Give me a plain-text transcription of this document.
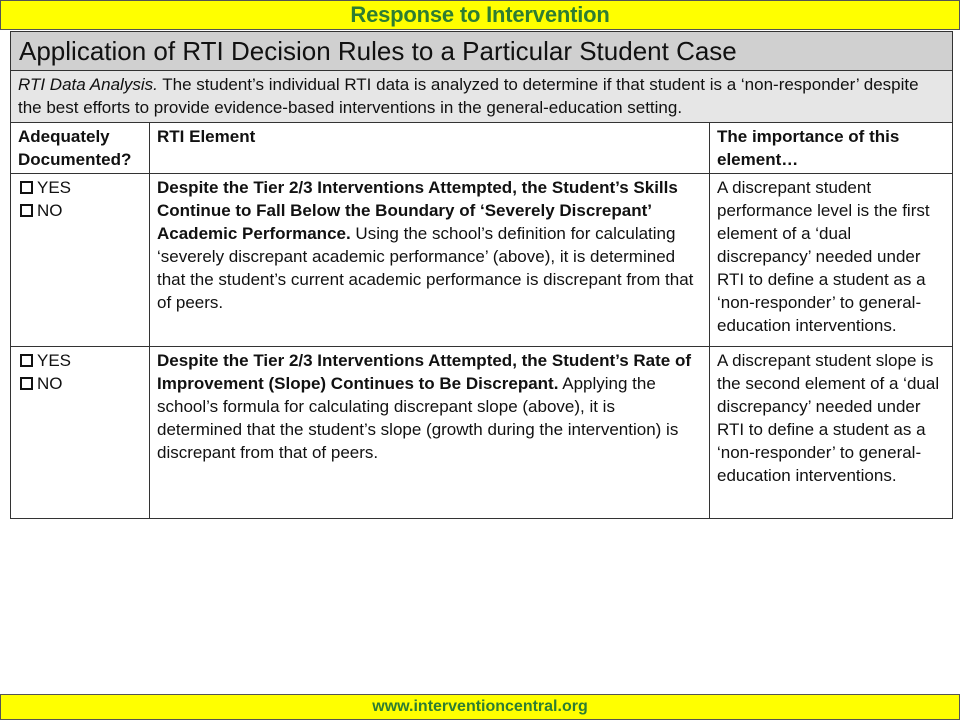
Response to Intervention
Application of RTI Decision Rules to a Particular Student Case		
RTI Data Analysis. The student’s individual RTI data is analyzed to determine if that student is a ‘non-responder’ despite the best efforts to provide evidence-based interventions in the general-education setting.		
Adequately Documented?	RTI Element	The importance of this element…

YES
NO	Despite the Tier 2/3 Interventions Attempted, the Student’s Skills Continue to Fall Below the Boundary of ‘Severely Discrepant’ Academic Performance. Using the school’s definition for calculating ‘severely discrepant academic performance’ (above), it is determined that the student’s current academic performance is discrepant from that of peers.	A discrepant student performance level is the first element of a ‘dual discrepancy’ needed under RTI to define a student as a ‘non-responder’ to general-education interventions.

YES
NO	Despite the Tier 2/3 Interventions Attempted, the Student’s Rate of Improvement (Slope) Continues to Be Discrepant. Applying the school’s formula for calculating discrepant slope (above), it is determined that the student’s slope (growth during the intervention) is discrepant from that of peers.	A discrepant student slope is the second element of a ‘dual discrepancy’ needed under RTI to define a student as a ‘non-responder’ to general-education interventions.
www.interventioncentral.org
